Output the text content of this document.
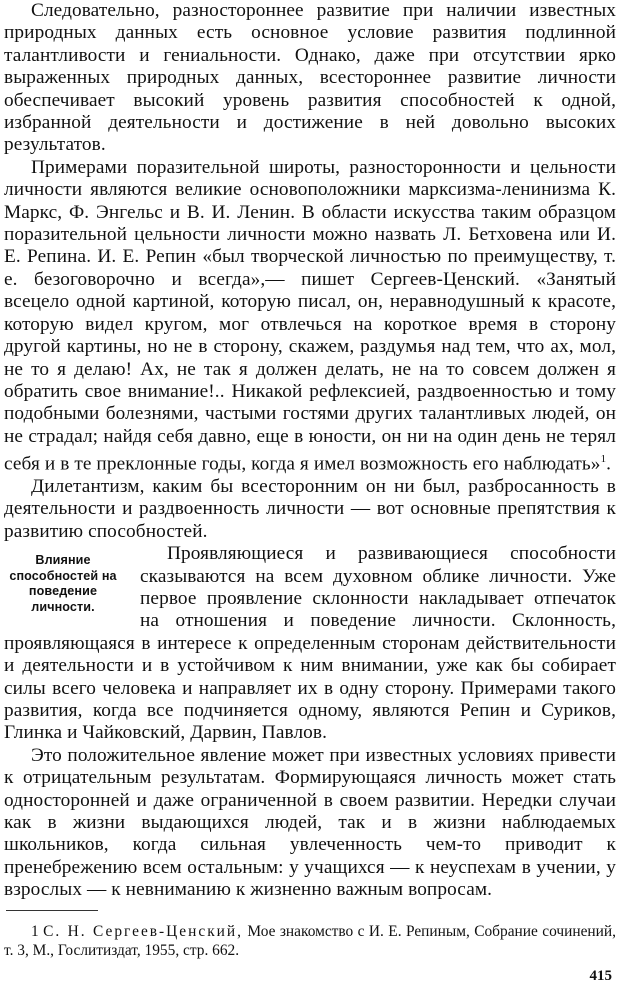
Следовательно, разностороннее развитие при наличии известных природных данных есть основное условие развития подлинной талантливости и гениальности. Однако, даже при отсутствии ярко выраженных природных данных, всестороннее развитие личности обеспечивает высокий уровень развития способностей к одной, избранной деятельности и достижение в ней довольно высоких результатов.

Примерами поразительной широты, разносторонности и цельности личности являются великие основоположники марксизма-ленинизма К. Маркс, Ф. Энгельс и В. И. Ленин. В области искусства таким образцом поразительной цельности личности можно назвать Л. Бетховена или И. Е. Репина. И. Е. Репин «был творческой личностью по преимуществу, т. е. безоговорочно и всегда»,— пишет Сергеев-Ценский. «Занятый всецело одной картиной, которую писал, он, неравнодушный к красоте, которую видел кругом, мог отвлечься на короткое время в сторону другой картины, но не в сторону, скажем, раздумья над тем, что ах, мол, не то я делаю! Ах, не так я должен делать, не на то совсем должен я обратить свое внимание!.. Никакой рефлексией, раздвоенностью и тому подобными болезнями, частыми гостями других талантливых людей, он не страдал; найдя себя давно, еще в юности, он ни на один день не терял себя и в те преклонные годы, когда я имел возможность его наблюдать»$^1$.

Дилетантизм, каким бы всесторонним он ни был, разбросанность в деятельности и раздвоенность личности — вот основные препятствия к развитию способностей.

Влияние способностей на поведение личности.

Проявляющиеся и развивающиеся способности сказываются на всем духовном облике личности. Уже первое проявление склонности накладывает отпечаток на отношения и поведение личности. Склонность, проявляющаяся в интересе к определенным сторонам действительности и деятельности и в устойчивом к ним внимании, уже как бы собирает силы всего человека и направляет их в одну сторону. Примерами такого развития, когда все подчиняется одному, являются Репин и Суриков, Глинка и Чайковский, Дарвин, Павлов.

Это положительное явление может при известных условиях привести к отрицательным результатам. Формирующаяся личность может стать односторонней и даже ограниченной в своем развитии. Нередки случаи как в жизни выдающихся людей, так и в жизни наблюдаемых школьников, когда сильная увлеченность чем-то приводит к пренебрежению всем остальным: у учащихся — к неуспехам в учении, у взрослых — к невниманию к жизненно важным вопросам.

1 С. Н. Сергеев-Ценский, Мое знакомство с И. Е. Репиным, Собрание сочинений, т. 3, М., Гослитиздат, 1955, стр. 662.
415
